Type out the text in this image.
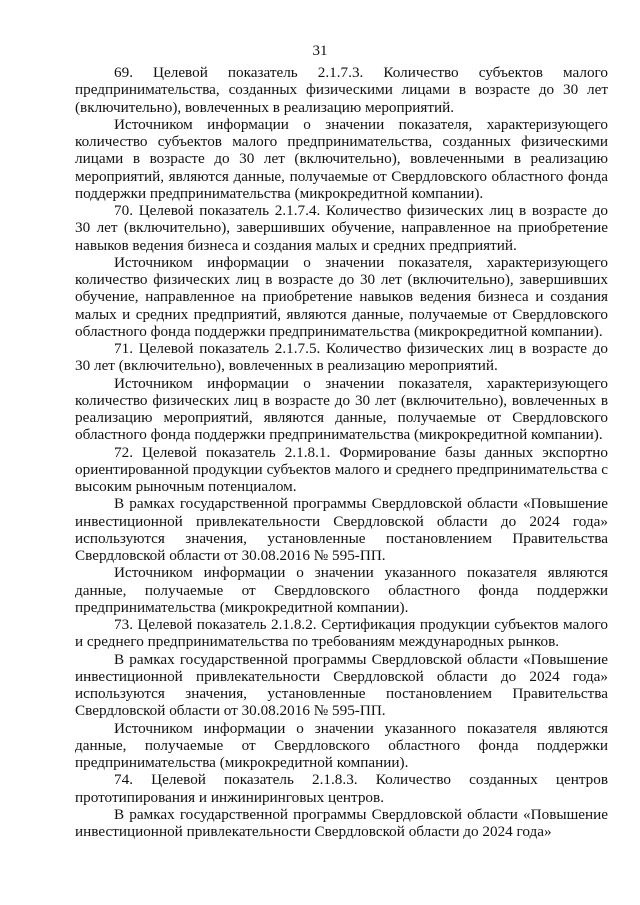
31

69. Целевой показатель 2.1.7.3. Количество субъектов малого предпринимательства, созданных физическими лицами в возрасте до 30 лет (включительно), вовлеченных в реализацию мероприятий.

Источником информации о значении показателя, характеризующего количество субъектов малого предпринимательства, созданных физическими лицами в возрасте до 30 лет (включительно), вовлеченными в реализацию мероприятий, являются данные, получаемые от Свердловского областного фонда поддержки предпринимательства (микрокредитной компании).

70. Целевой показатель 2.1.7.4. Количество физических лиц в возрасте до 30 лет (включительно), завершивших обучение, направленное на приобретение навыков ведения бизнеса и создания малых и средних предприятий.

Источником информации о значении показателя, характеризующего количество физических лиц в возрасте до 30 лет (включительно), завершивших обучение, направленное на приобретение навыков ведения бизнеса и создания малых и средних предприятий, являются данные, получаемые от Свердловского областного фонда поддержки предпринимательства (микрокредитной компании).

71. Целевой показатель 2.1.7.5. Количество физических лиц в возрасте до 30 лет (включительно), вовлеченных в реализацию мероприятий.

Источником информации о значении показателя, характеризующего количество физических лиц в возрасте до 30 лет (включительно), вовлеченных в реализацию мероприятий, являются данные, получаемые от Свердловского областного фонда поддержки предпринимательства (микрокредитной компании).

72. Целевой показатель 2.1.8.1. Формирование базы данных экспортно ориентированной продукции субъектов малого и среднего предпринимательства с высоким рыночным потенциалом.

В рамках государственной программы Свердловской области «Повышение инвестиционной привлекательности Свердловской области до 2024 года» используются значения, установленные постановлением Правительства Свердловской области от 30.08.2016 № 595-ПП.

Источником информации о значении указанного показателя являются данные, получаемые от Свердловского областного фонда поддержки предпринимательства (микрокредитной компании).

73. Целевой показатель 2.1.8.2. Сертификация продукции субъектов малого и среднего предпринимательства по требованиям международных рынков.

В рамках государственной программы Свердловской области «Повышение инвестиционной привлекательности Свердловской области до 2024 года» используются значения, установленные постановлением Правительства Свердловской области от 30.08.2016 № 595-ПП.

Источником информации о значении указанного показателя являются данные, получаемые от Свердловского областного фонда поддержки предпринимательства (микрокредитной компании).

74. Целевой показатель 2.1.8.3. Количество созданных центров прототипирования и инжиниринговых центров.

В рамках государственной программы Свердловской области «Повышение инвестиционной привлекательности Свердловской области до 2024 года»
